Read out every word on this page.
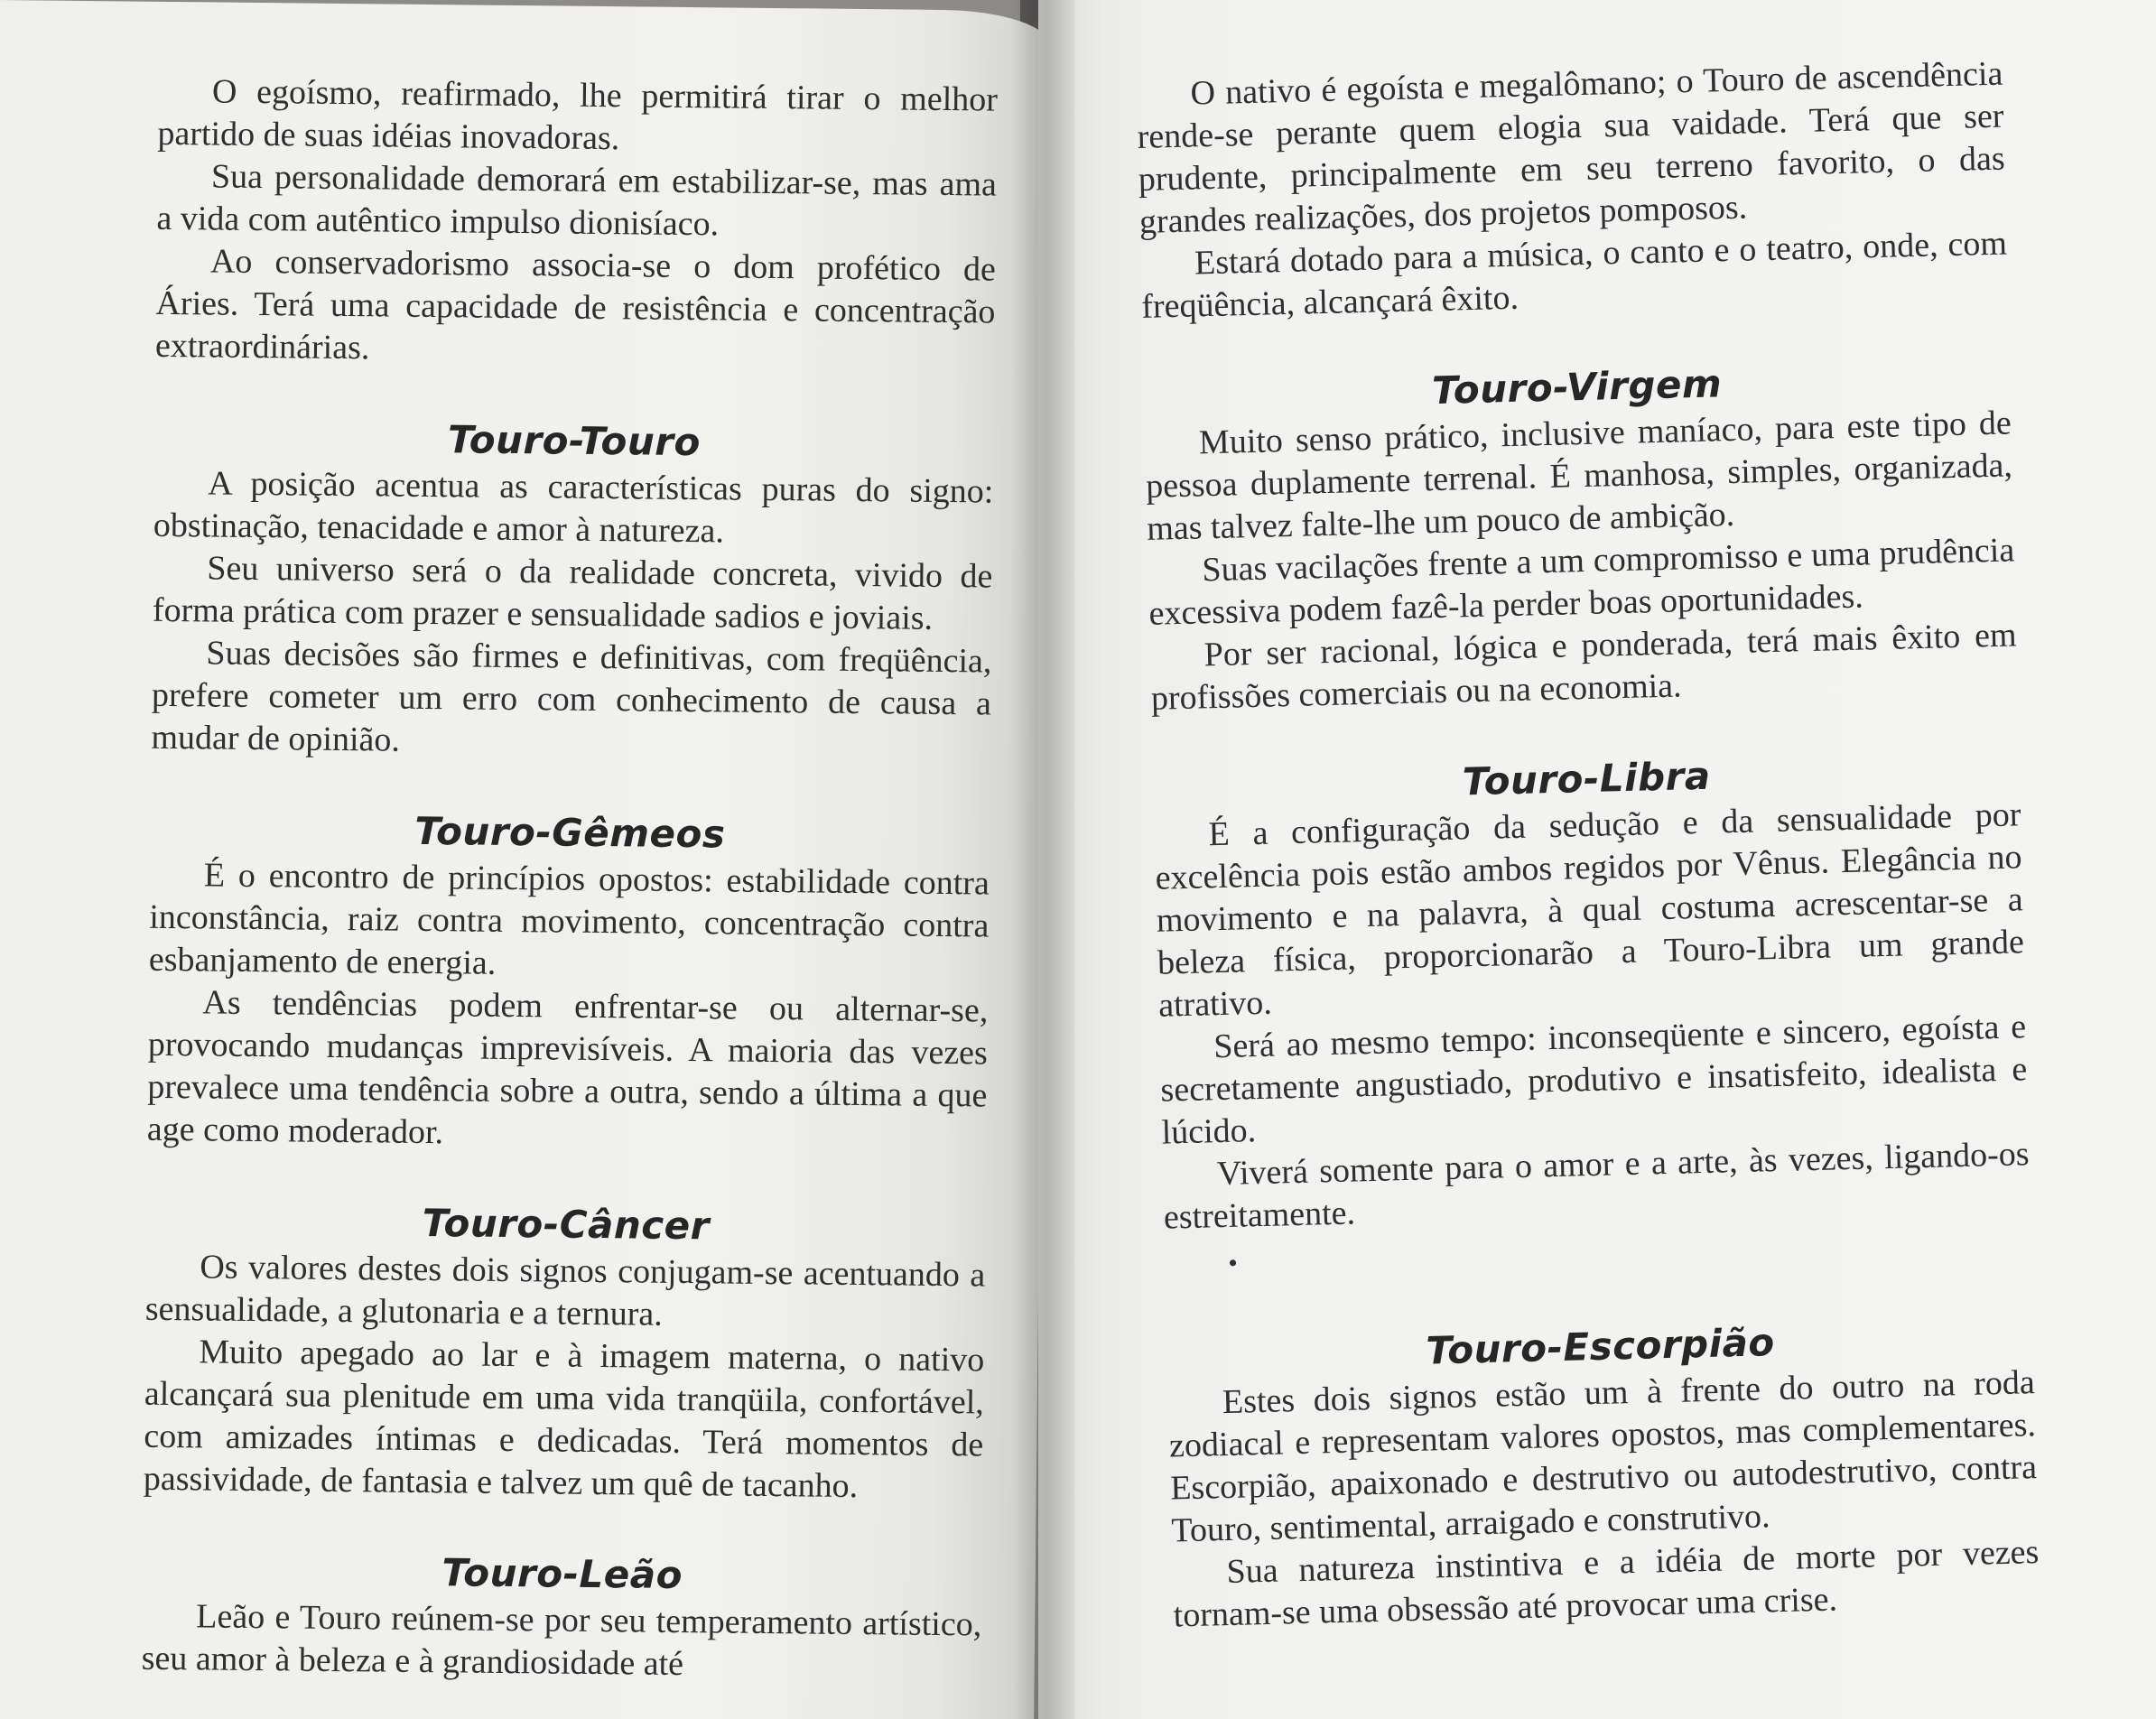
O egoísmo, reafirmado, lhe permitirá tirar o melhor partido de suas idéias inovadoras.

Sua personalidade demorará em estabilizar-se, mas ama a vida com autêntico impulso dionisíaco.

Ao conservadorismo associa-se o dom profético de Áries. Terá uma capacidade de resistência e concentração extraordinárias.

Touro-Touro

A posição acentua as características puras do signo: obstinação, tenacidade e amor à natureza.

Seu universo será o da realidade concreta, vivido de forma prática com prazer e sensualidade sadios e joviais.

Suas decisões são firmes e definitivas, com freqüência, prefere cometer um erro com conhecimento de causa a mudar de opinião.

Touro-Gêmeos

É o encontro de princípios opostos: estabilidade contra inconstância, raiz contra movimento, concentração contra esbanjamento de energia.

As tendências podem enfrentar-se ou alternar-se, provocando mudanças imprevisíveis. A maioria das vezes prevalece uma tendência sobre a outra, sendo a última a que age como moderador.

Touro-Câncer

Os valores destes dois signos conjugam-se acentuando a sensualidade, a glutonaria e a ternura.

Muito apegado ao lar e à imagem materna, o nativo alcançará sua plenitude em uma vida tranqüila, confortável, com amizades íntimas e dedicadas. Terá momentos de passividade, de fantasia e talvez um quê de tacanho.

Touro-Leão

Leão e Touro reúnem-se por seu temperamento artístico, seu amor à beleza e à grandiosidade até

O nativo é egoísta e megalômano; o Touro de ascendência rende-se perante quem elogia sua vaidade. Terá que ser prudente, principalmente em seu terreno favorito, o das grandes realizações, dos projetos pomposos.

Estará dotado para a música, o canto e o teatro, onde, com freqüência, alcançará êxito.

Touro-Virgem

Muito senso prático, inclusive maníaco, para este tipo de pessoa duplamente terrenal. É manhosa, simples, organizada, mas talvez falte-lhe um pouco de ambição.

Suas vacilações frente a um compromisso e uma prudência excessiva podem fazê-la perder boas oportunidades.

Por ser racional, lógica e ponderada, terá mais êxito em profissões comerciais ou na economia.

Touro-Libra

É a configuração da sedução e da sensualidade por excelência pois estão ambos regidos por Vênus. Elegância no movimento e na palavra, à qual costuma acrescentar-se a beleza física, proporcionarão a Touro-Libra um grande atrativo.

Será ao mesmo tempo: inconseqüente e sincero, egoísta e secretamente angustiado, produtivo e insatisfeito, idealista e lúcido.

Viverá somente para o amor e a arte, às vezes, ligando-os estreitamente.

•
Touro-Escorpião

Estes dois signos estão um à frente do outro na roda zodiacal e representam valores opostos, mas complementares. Escorpião, apaixonado e destrutivo ou autodestrutivo, contra Touro, sentimental, arraigado e construtivo.

Sua natureza instintiva e a idéia de morte por vezes tornam-se uma obsessão até provocar uma crise.
